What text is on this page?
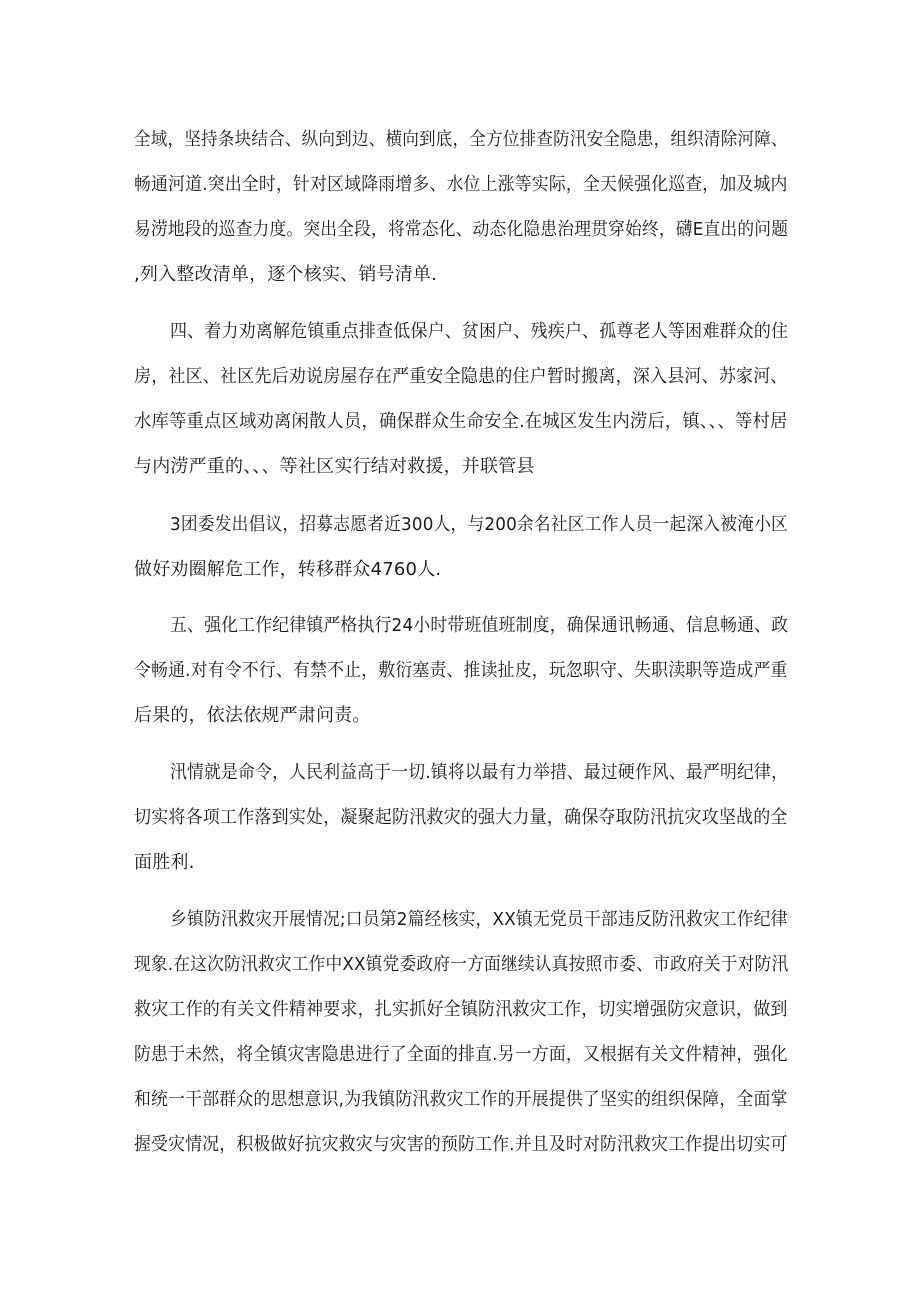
全域，坚持条块结合、纵向到边、横向到底，全方位排查防汛安全隐患，组织清除河障、
畅通河道.突出全时，针对区域降雨增多、水位上涨等实际，全天候强化巡查，加及城内
易涝地段的巡查力度。突出全段，将常态化、动态化隐患治理贯穿始终，礴E直出的问题
,列入整改清单，逐个核实、销号清单.
四、着力劝离解危镇重点排查低保户、贫困户、残疾户、孤尊老人等困难群众的住
房，社区、社区先后劝说房屋存在严重安全隐患的住户暂时搬离，深入县河、苏家河、
水库等重点区域劝离闲散人员，确保群众生命安全.在城区发生内涝后，镇、、、等村居
与内涝严重的、、、等社区实行结对救援，并联管县
3团委发出倡议，招募志愿者近300人，与200余名社区工作人员一起深入被淹小区
做好劝圈解危工作，转移群众4760人.
五、强化工作纪律镇严格执行24小时带班值班制度，确保通讯畅通、信息畅通、政
令畅通.对有令不行、有禁不止，敷衍塞责、推读扯皮，玩忽职守、失职渎职等造成严重
后果的，依法依规严肃问责。
汛情就是命令，人民利益高于一切.镇将以最有力举措、最过硬作风、最严明纪律，
切实将各项工作落到实处，凝聚起防汛救灾的强大力量，确保夺取防汛抗灾攻坚战的全
面胜利.
乡镇防汛救灾开展情况;口员第2篇经核实，XX镇无党员干部违反防汛救灾工作纪律
现象.在这次防汛救灾工作中XX镇党委政府一方面继续认真按照市委、市政府关于对防汛
救灾工作的有关文件精神要求，扎实抓好全镇防汛救灾工作，切实增强防灾意识，做到
防患于未然，将全镇灾害隐患进行了全面的排直.另一方面，又根据有关文件精神，强化
和统一干部群众的思想意识,为我镇防汛救灾工作的开展提供了坚实的组织保障，全面掌
握受灾情况，积极做好抗灾救灾与灾害的预防工作.并且及时对防汛救灾工作提出切实可
